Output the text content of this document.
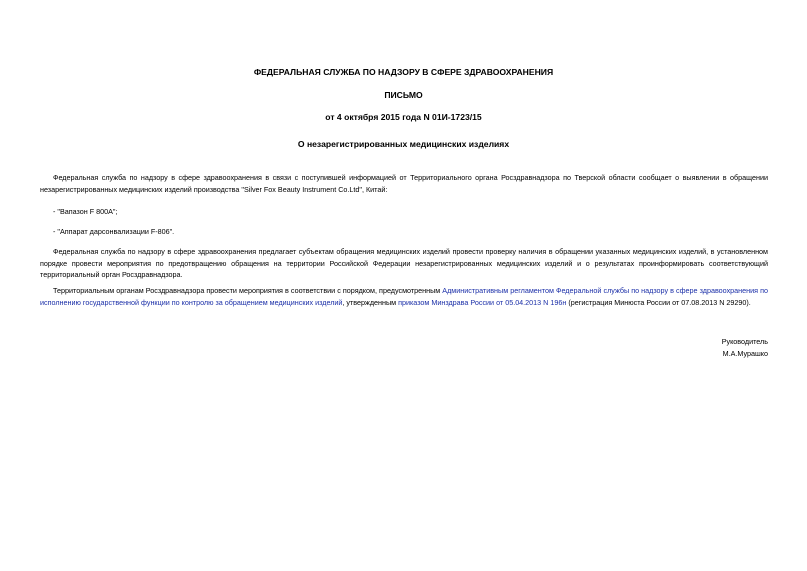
ФЕДЕРАЛЬНАЯ СЛУЖБА ПО НАДЗОРУ В СФЕРЕ ЗДРАВООХРАНЕНИЯ
ПИСЬМО
от 4 октября 2015 года N 01И-1723/15
О незарегистрированных медицинских изделиях

Федеральная служба по надзору в сфере здравоохранения в связи с поступившей информацией от Территориального органа Росздравнадзора по Тверской области сообщает о выявлении в обращении незарегистрированных медицинских изделий производства "Silver Fox Beauty Instrument Co.Ltd", Китай:

- "Вапазон F 800А";
- "Аппарат дарсонвализации F-806".

Федеральная служба по надзору в сфере здравоохранения предлагает субъектам обращения медицинских изделий провести проверку наличия в обращении указанных медицинских изделий, в установленном порядке провести мероприятия по предотвращению обращения на территории Российской Федерации незарегистрированных медицинских изделий и о результатах проинформировать соответствующий территориальный орган Росздравнадзора.

Территориальным органам Росздравнадзора провести мероприятия в соответствии с порядком, предусмотренным Административным регламентом Федеральной службы по надзору в сфере здравоохранения по исполнению государственной функции по контролю за обращением медицинских изделий, утвержденным приказом Минздрава России от 05.04.2013 N 196н (регистрация Минюста России от 07.08.2013 N 29290).

Руководитель
М.А.Мурашко
